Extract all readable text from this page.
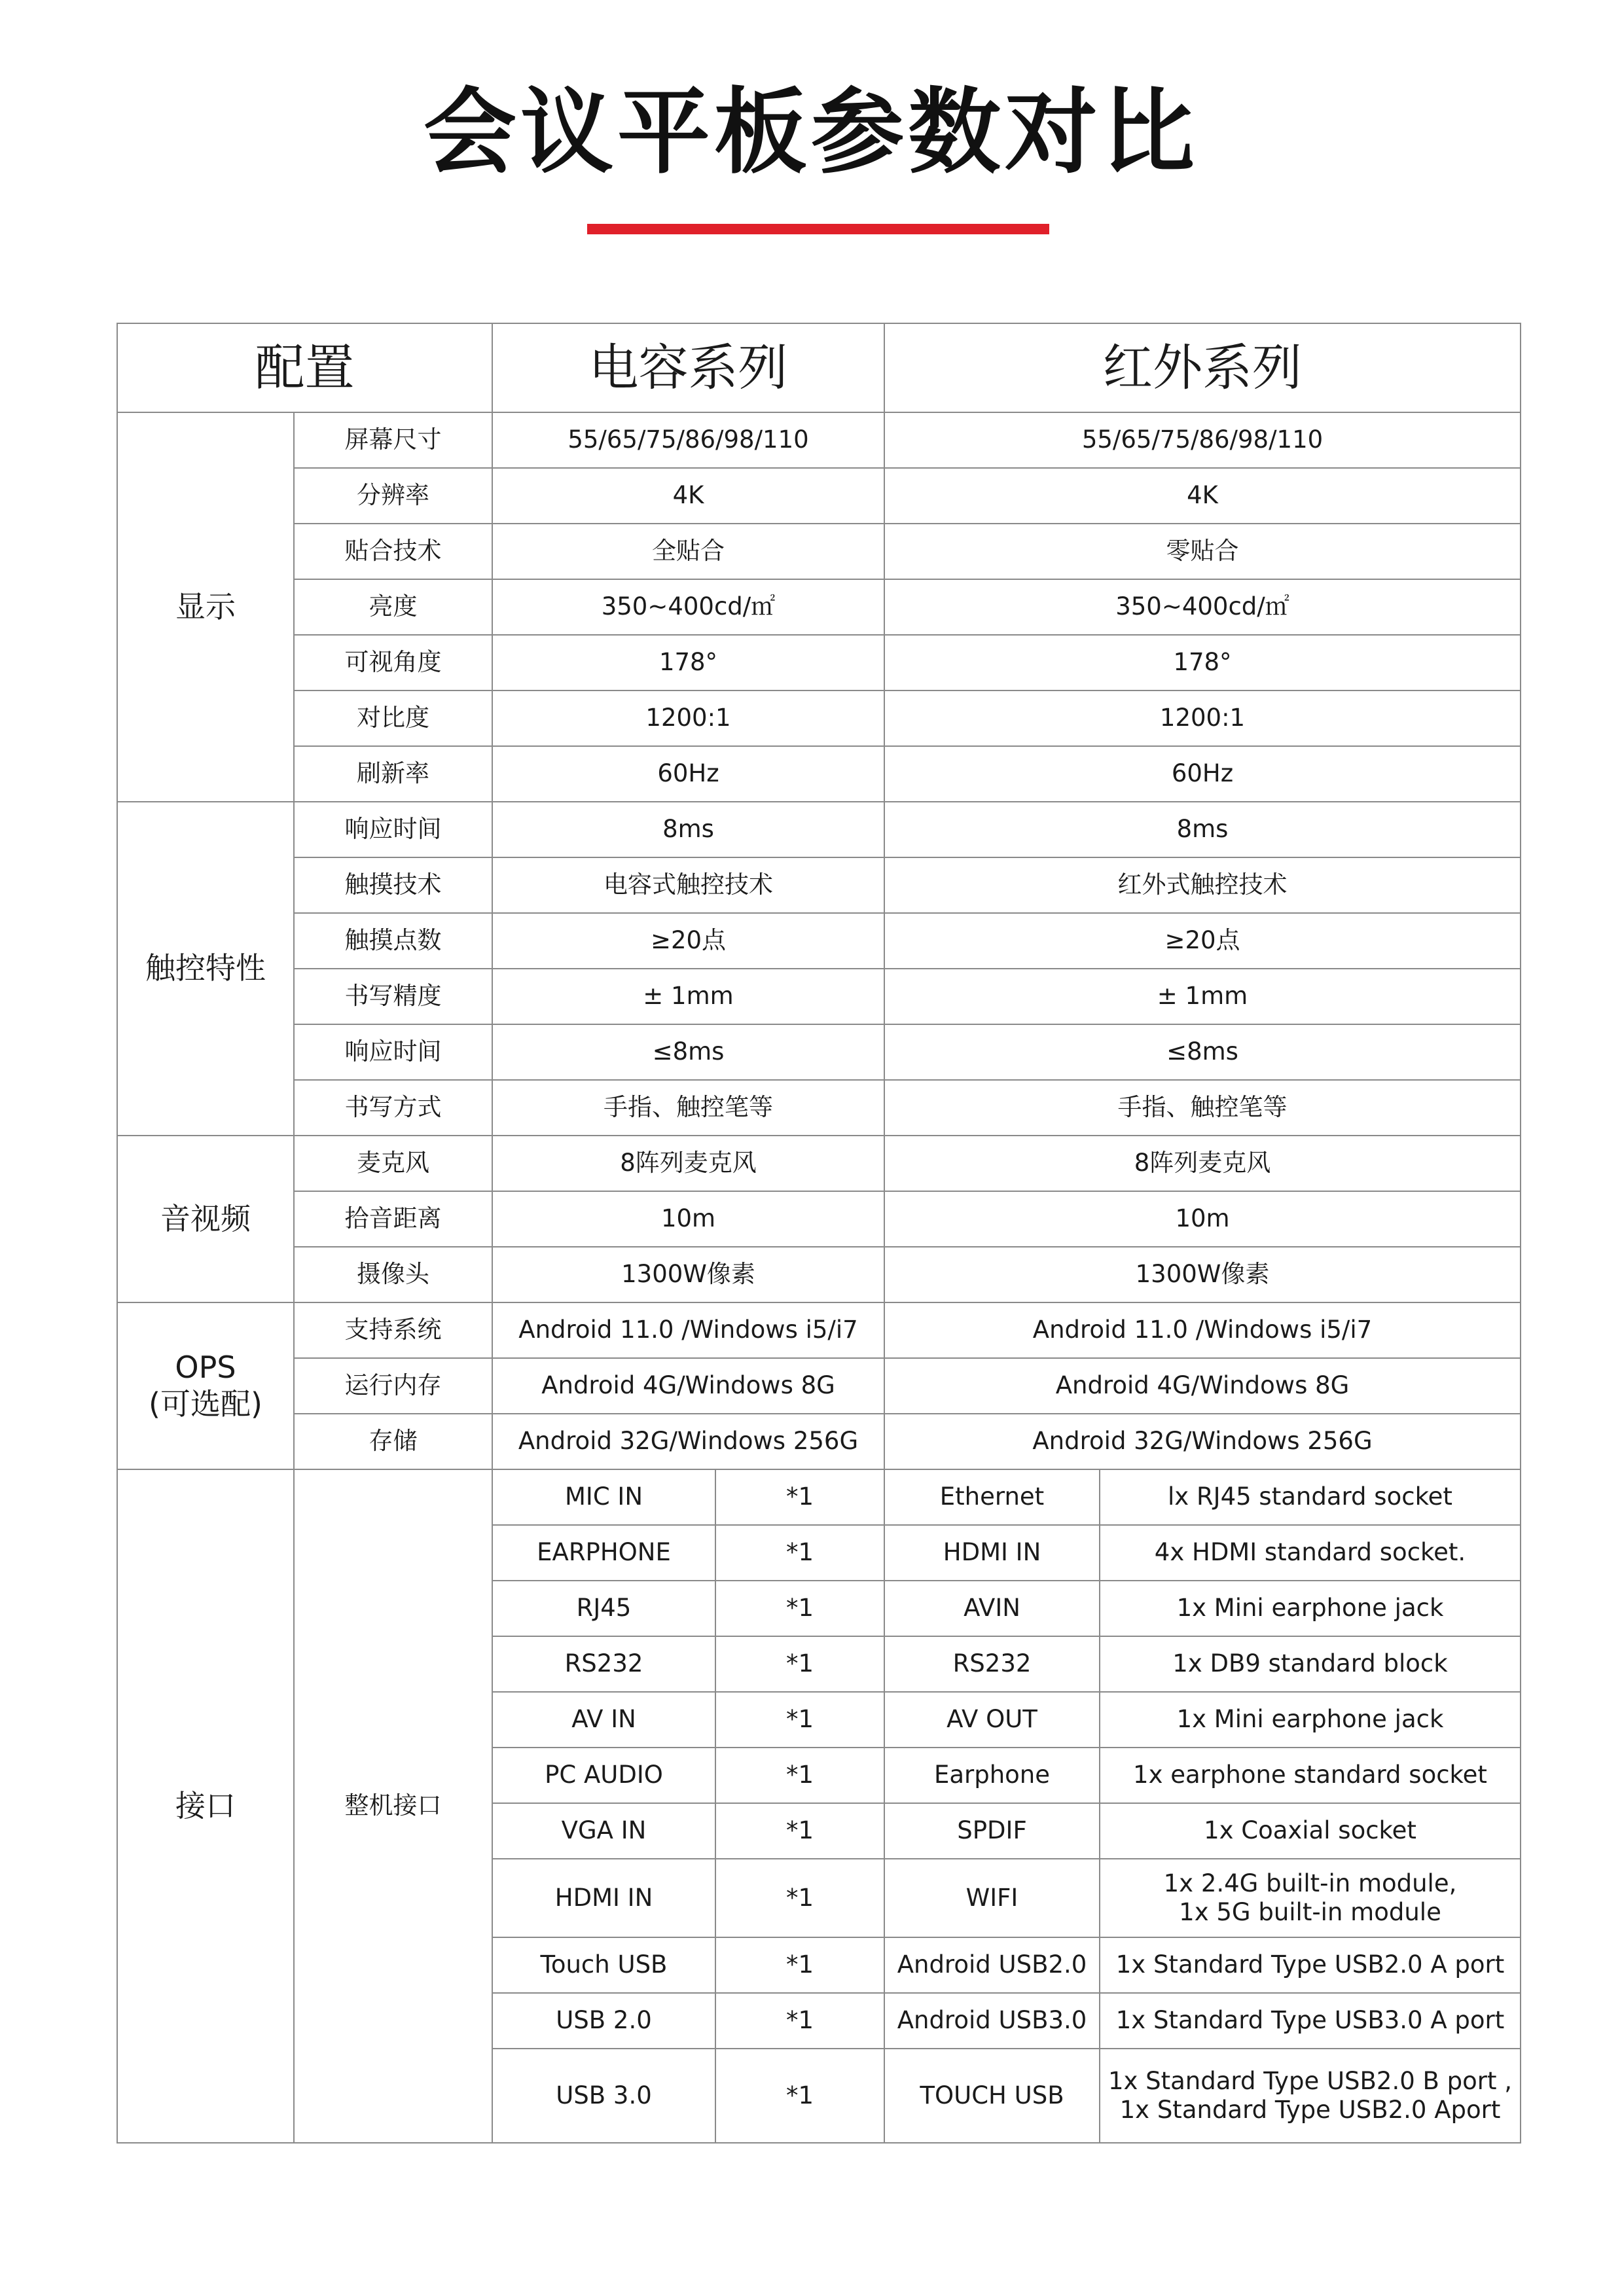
会议平板参数对比
配置		电容系列		红外系列	
显示	屏幕尺寸	55/65/75/86/98/110		55/65/75/86/98/110	
	分辨率	4K		4K	
	贴合技术	全贴合		零贴合	
	亮度	350~400cd/㎡		350~400cd/㎡	
	可视角度	178°		178°	
	对比度	1200:1		1200:1	
	刷新率	60Hz		60Hz	
触控特性	响应时间	8ms		8ms	
	触摸技术	电容式触控技术		红外式触控技术	
	触摸点数	≥20点		≥20点	
	书写精度	± 1mm		± 1mm	
	响应时间	≤8ms		≤8ms	
	书写方式	手指、触控笔等		手指、触控笔等	
音视频	麦克风	8阵列麦克风		8阵列麦克风	
	拾音距离	10m		10m	
	摄像头	1300W像素		1300W像素	

OPS
(可选配)	支持系统	Android 11.0 /Windows i5/i7		Android 11.0 /Windows i5/i7	
	运行内存	Android 4G/Windows 8G		Android 4G/Windows 8G	
	存储	Android 32G/Windows 256G		Android 32G/Windows 256G	
接口	整机接口	MIC IN	*1	Ethernet	lx RJ45 standard socket

		EARPHONE	*1	HDMI IN	4x HDMI standard socket.

		RJ45	*1	AVIN	1x Mini earphone jack

		RS232	*1	RS232	1x DB9 standard block

		AV IN	*1	AV OUT	1x Mini earphone jack

		PC AUDIO	*1	Earphone	1x earphone standard socket

		VGA IN	*1	SPDIF	1x Coaxial socket

		HDMI IN	*1	WIFI	1x 2.4G built-in module,
1x 5G built-in module

		Touch USB	*1	Android USB2.0	1x Standard Type USB2.0 A port

		USB 2.0	*1	Android USB3.0	1x Standard Type USB3.0 A port

		USB 3.0	*1	TOUCH USB	1x Standard Type USB2.0 B port ,
1x Standard Type USB2.0 Aport
